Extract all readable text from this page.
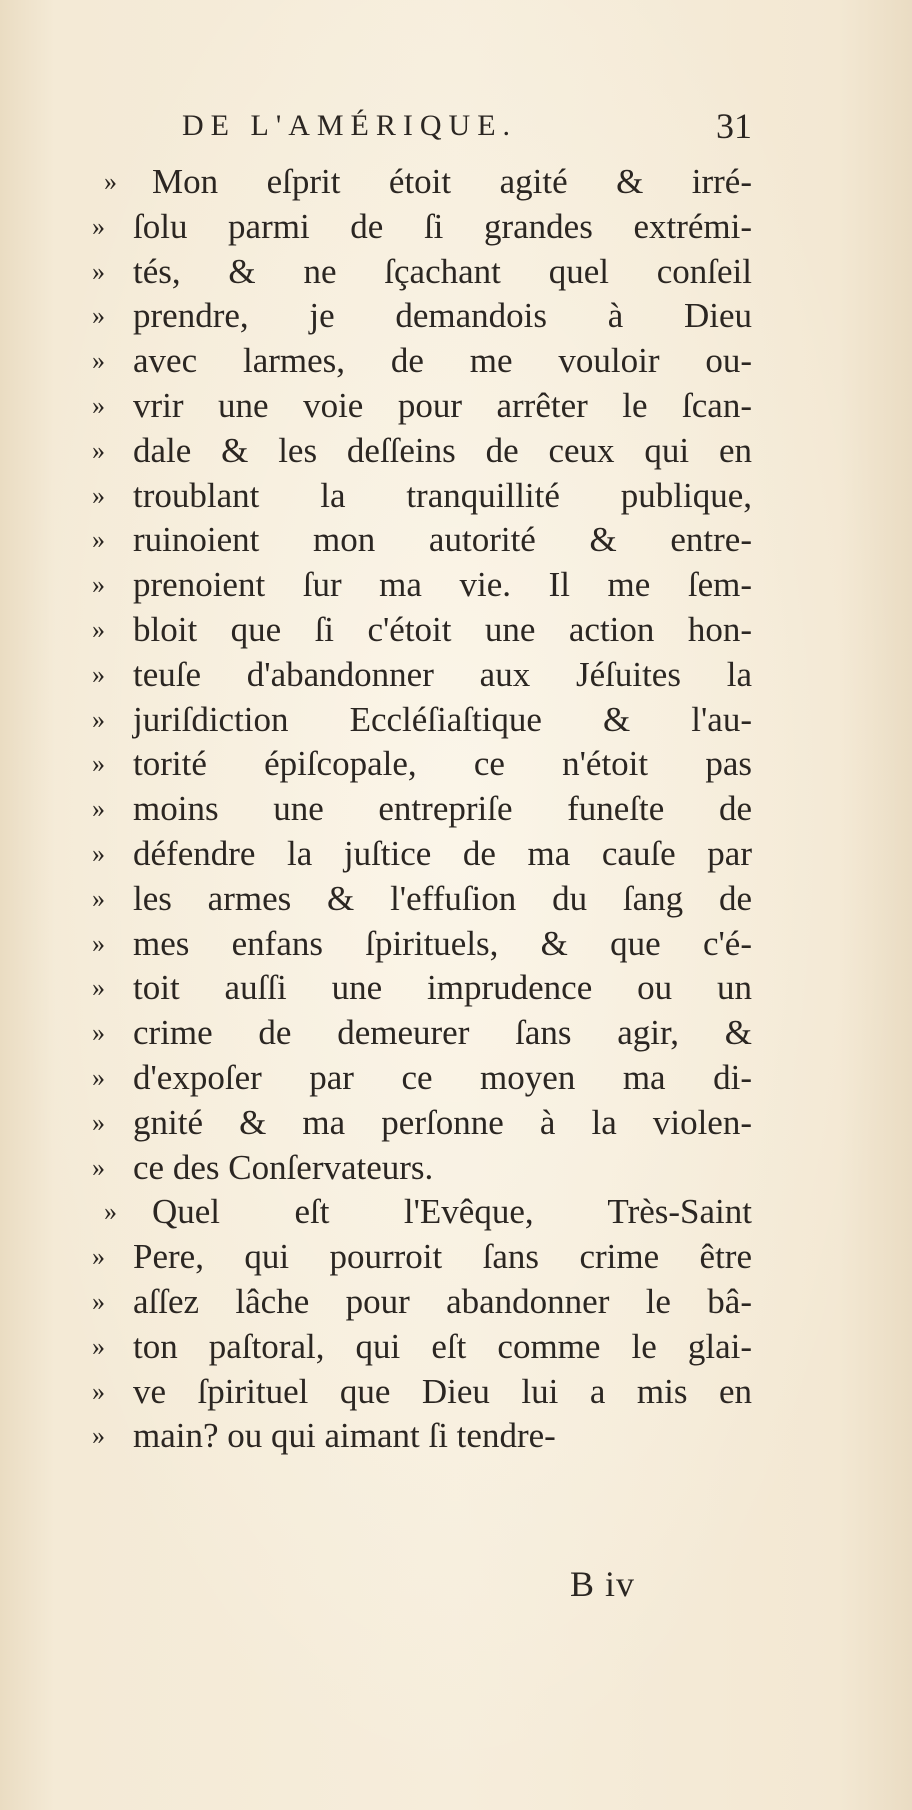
DE L'AMÉRIQUE.	31
»	Mon eſprit étoit agité & irré-
» ſolu parmi de ſi grandes extrémi-
» tés, & ne ſçachant quel conſeil
» prendre, je demandois à Dieu
» avec larmes, de me vouloir ou-
» vrir une voie pour arrêter le ſcan-
» dale & les deſſeins de ceux qui en
» troublant la tranquillité publique,
» ruinoient mon autorité & entre-
» prenoient ſur ma vie. Il me ſem-
» bloit que ſi c'étoit une action hon-
» teuſe d'abandonner aux Jéſuites la
» juriſdiction Eccléſiaſtique & l'au-
» torité épiſcopale, ce n'étoit pas
» moins une entrepriſe funeſte de
» défendre la juſtice de ma cauſe par
» les armes & l'effuſion du ſang de
» mes enfans ſpirituels, & que c'é-
» toit auſſi une imprudence ou un
» crime de demeurer ſans agir, &
» d'expoſer par ce moyen ma di-
» gnité & ma perſonne à la violen-
» ce des Conſervateurs.
»	Quel eſt l'Evêque, Très-Saint
» Pere, qui pourroit ſans crime être
» aſſez lâche pour abandonner le bâ-
» ton paſtoral, qui eſt comme le glai-
» ve ſpirituel que Dieu lui a mis en
» main? ou qui aimant ſi tendre-
B iv
